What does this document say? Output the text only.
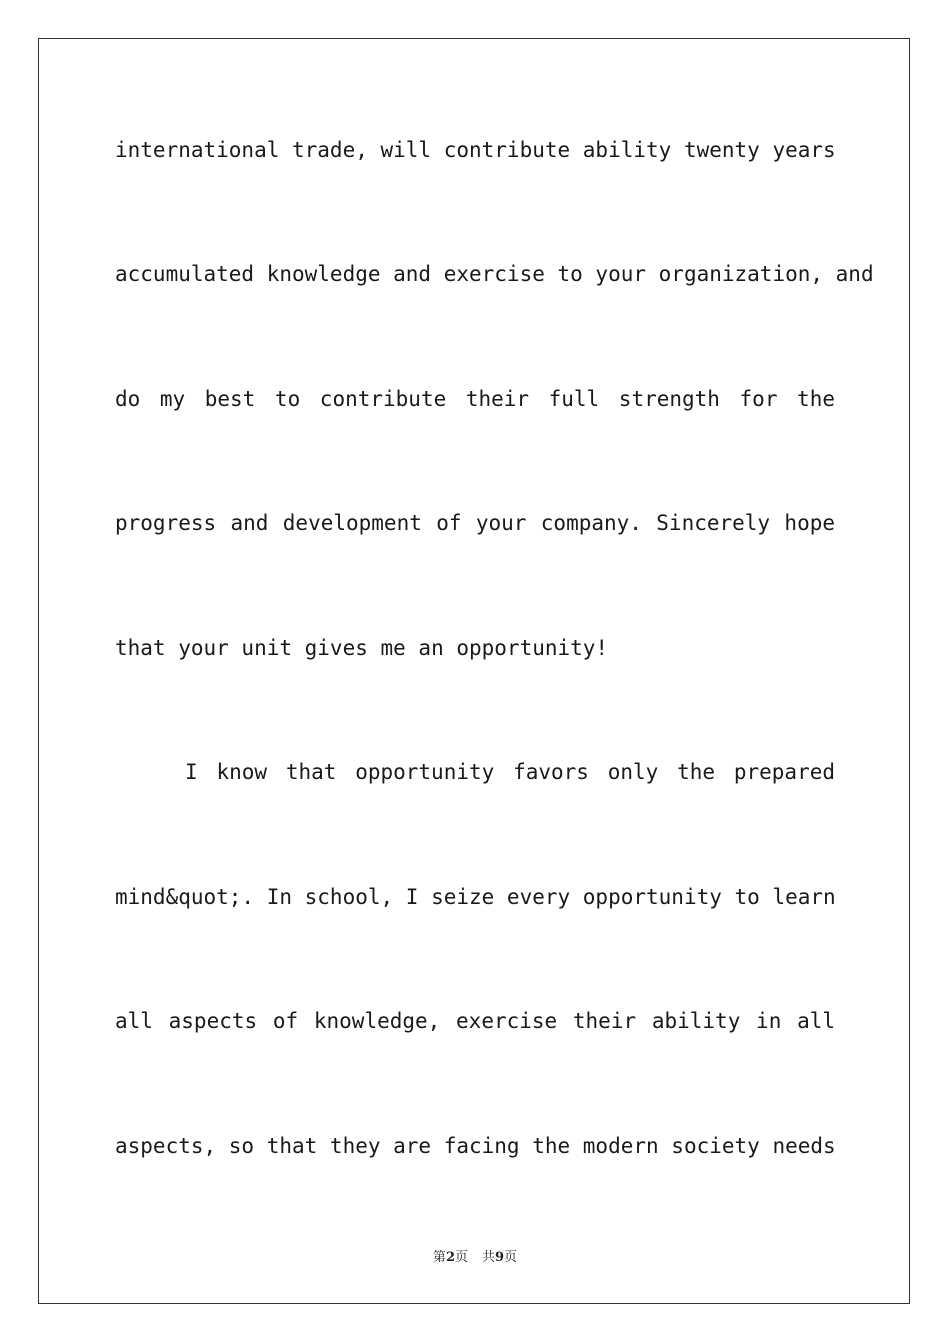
international trade, will contribute ability twenty years
accumulated knowledge and exercise to your organization, and
do my best to contribute their full strength for the
progress and development of your company. Sincerely hope
that your unit gives me an opportunity!
I know that opportunity favors only the prepared
mind&quot;. In school, I seize every opportunity to learn
all aspects of knowledge, exercise their ability in all
aspects, so that they are facing the modern society needs
第2页 共9页
